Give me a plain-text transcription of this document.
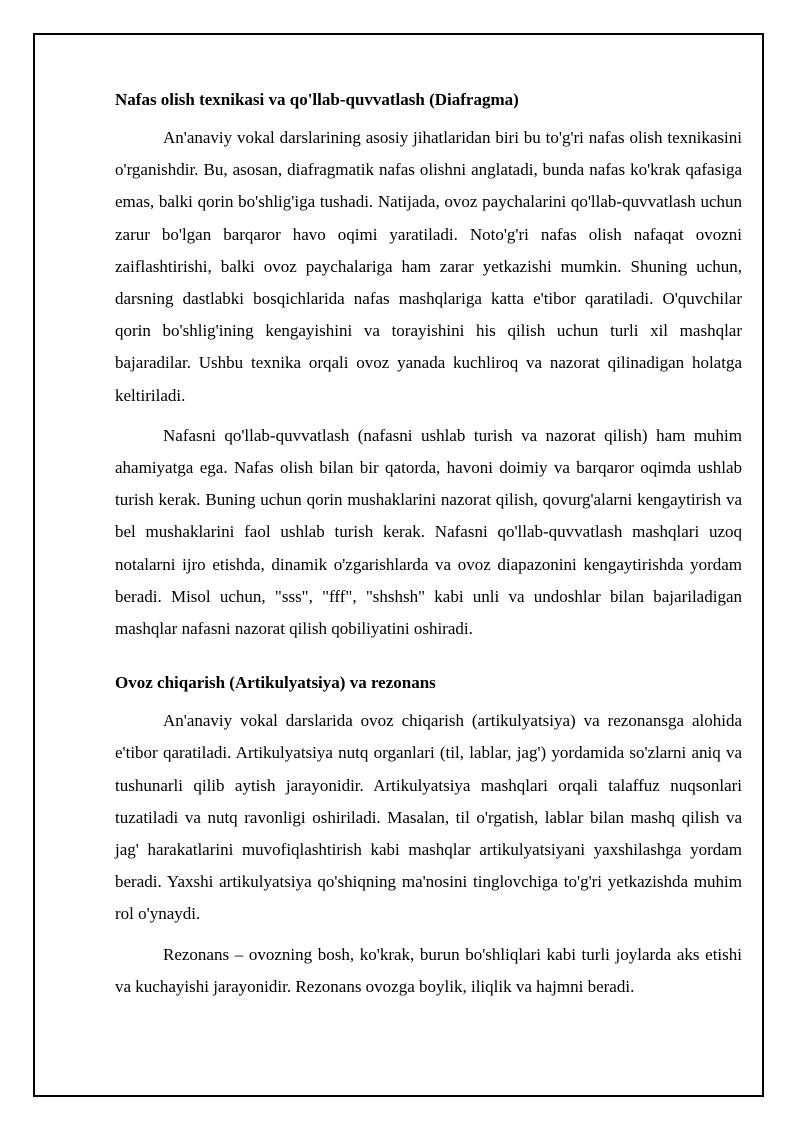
Nafas olish texnikasi va qo'llab-quvvatlash (Diafragma)

An'anaviy vokal darslarining asosiy jihatlaridan biri bu to'g'ri nafas olish texnikasini o'rganishdir. Bu, asosan, diafragmatik nafas olishni anglatadi, bunda nafas ko'krak qafasiga emas, balki qorin bo'shlig'iga tushadi. Natijada, ovoz paychalarini qo'llab-quvvatlash uchun zarur bo'lgan barqaror havo oqimi yaratiladi. Noto'g'ri nafas olish nafaqat ovozni zaiflashtirishi, balki ovoz paychalariga ham zarar yetkazishi mumkin. Shuning uchun, darsning dastlabki bosqichlarida nafas mashqlariga katta e'tibor qaratiladi. O'quvchilar qorin bo'shlig'ining kengayishini va torayishini his qilish uchun turli xil mashqlar bajaradilar. Ushbu texnika orqali ovoz yanada kuchliroq va nazorat qilinadigan holatga keltiriladi.

Nafasni qo'llab-quvvatlash (nafasni ushlab turish va nazorat qilish) ham muhim ahamiyatga ega. Nafas olish bilan bir qatorda, havoni doimiy va barqaror oqimda ushlab turish kerak. Buning uchun qorin mushaklarini nazorat qilish, qovurg'alarni kengaytirish va bel mushaklarini faol ushlab turish kerak. Nafasni qo'llab-quvvatlash mashqlari uzoq notalarni ijro etishda, dinamik o'zgarishlarda va ovoz diapazonini kengaytirishda yordam beradi. Misol uchun, "sss", "fff", "shshsh" kabi unli va undoshlar bilan bajariladigan mashqlar nafasni nazorat qilish qobiliyatini oshiradi.

Ovoz chiqarish (Artikulyatsiya) va rezonans

An'anaviy vokal darslarida ovoz chiqarish (artikulyatsiya) va rezonansga alohida e'tibor qaratiladi. Artikulyatsiya nutq organlari (til, lablar, jag') yordamida so'zlarni aniq va tushunarli qilib aytish jarayonidir. Artikulyatsiya mashqlari orqali talaffuz nuqsonlari tuzatiladi va nutq ravonligi oshiriladi. Masalan, til o'rgatish, lablar bilan mashq qilish va jag' harakatlarini muvofiqlashtirish kabi mashqlar artikulyatsiyani yaxshilashga yordam beradi. Yaxshi artikulyatsiya qo'shiqning ma'nosini tinglovchiga to'g'ri yetkazishda muhim rol o'ynaydi.

Rezonans – ovozning bosh, ko'krak, burun bo'shliqlari kabi turli joylarda aks etishi va kuchayishi jarayonidir. Rezonans ovozga boylik, iliqlik va hajmni beradi.
